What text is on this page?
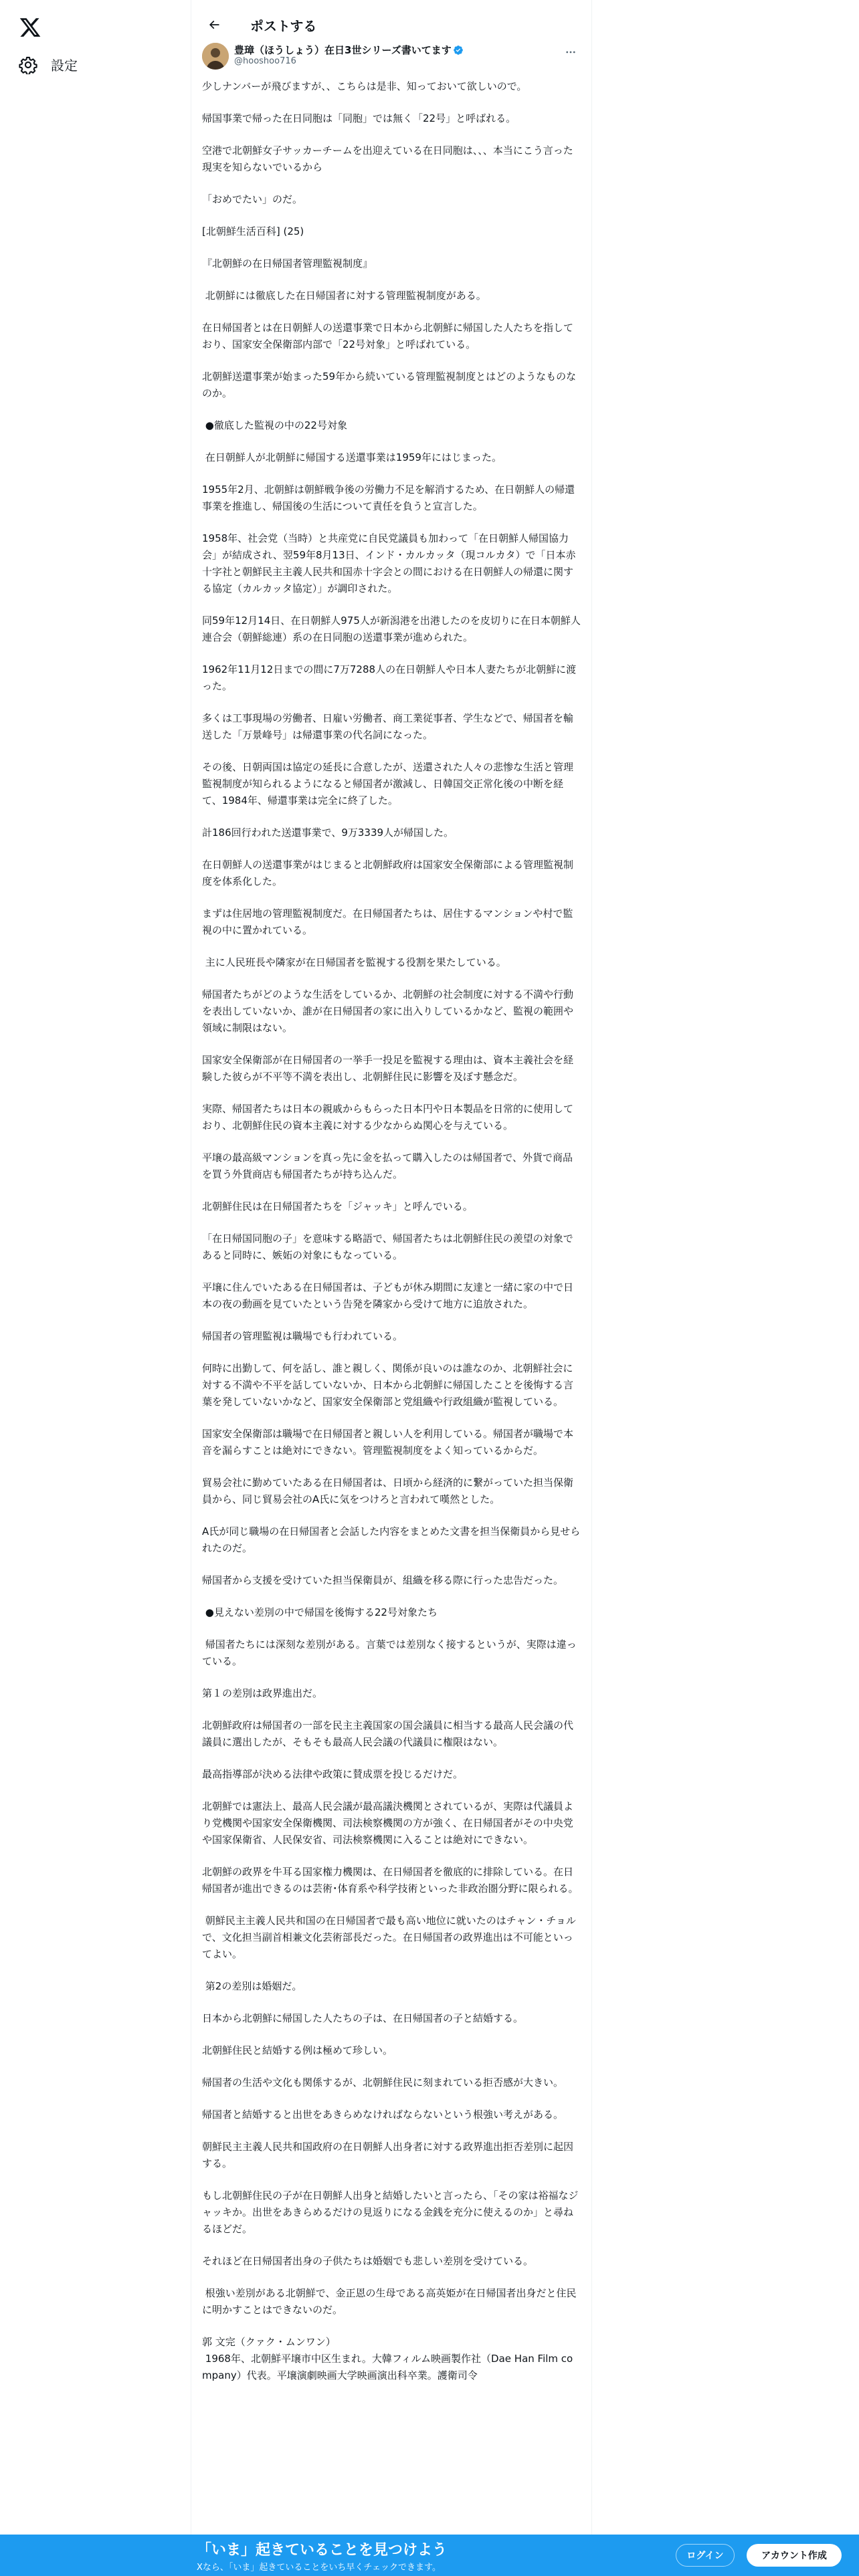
設定
ポストする
豊璋（ほうしょう）在日3世シリーズ書いてます
@hooshoo716
少しナンバーが飛びますが、、こちらは是非、知っておいて欲しいので。
帰国事業で帰った在日同胞は「同胞」では無く「22号」と呼ばれる。
空港で北朝鮮女子サッカーチームを出迎えている在日同胞は、、、本当にこう言った現実を知らないでいるから
「おめでたい」のだ。
[北朝鮮生活百科] (25)
『北朝鮮の在日帰国者管理監視制度』
北朝鮮には徹底した在日帰国者に対する管理監視制度がある。
在日帰国者とは在日朝鮮人の送還事業で日本から北朝鮮に帰国した人たちを指しており、国家安全保衛部内部で「22号対象」と呼ばれている。
北朝鮮送還事業が始まった59年から続いている管理監視制度とはどのようなものなのか。
●徹底した監視の中の22号対象
在日朝鮮人が北朝鮮に帰国する送還事業は1959年にはじまった。
1955年2月、北朝鮮は朝鮮戦争後の労働力不足を解消するため、在日朝鮮人の帰還事業を推進し、帰国後の生活について責任を負うと宣言した。
1958年、社会党（当時）と共産党に自民党議員も加わって「在日朝鮮人帰国協力会」が結成され、翌59年8月13日、インド・カルカッタ（現コルカタ）で「日本赤十字社と朝鮮民主主義人民共和国赤十字会との間における在日朝鮮人の帰還に関する協定（カルカッタ協定）」が調印された。
同59年12月14日、在日朝鮮人975人が新潟港を出港したのを皮切りに在日本朝鮮人連合会（朝鮮総連）系の在日同胞の送還事業が進められた。
1962年11月12日までの間に7万7288人の在日朝鮮人や日本人妻たちが北朝鮮に渡った。
多くは工事現場の労働者、日雇い労働者、商工業従事者、学生などで、帰国者を輸送した「万景峰号」は帰還事業の代名詞になった。
その後、日朝両国は協定の延長に合意したが、送還された人々の悲惨な生活と管理監視制度が知られるようになると帰国者が激減し、日韓国交正常化後の中断を経て、1984年、帰還事業は完全に終了した。
計186回行われた送還事業で、9万3339人が帰国した。
在日朝鮮人の送還事業がはじまると北朝鮮政府は国家安全保衛部による管理監視制度を体系化した。
まずは住居地の管理監視制度だ。在日帰国者たちは、居住するマンションや村で監視の中に置かれている。
主に人民班長や隣家が在日帰国者を監視する役割を果たしている。
帰国者たちがどのような生活をしているか、北朝鮮の社会制度に対する不満や行動を表出していないか、誰が在日帰国者の家に出入りしているかなど、監視の範囲や領域に制限はない。
国家安全保衛部が在日帰国者の一挙手一投足を監視する理由は、資本主義社会を経験した彼らが不平等不満を表出し、北朝鮮住民に影響を及ぼす懸念だ。
実際、帰国者たちは日本の親戚からもらった日本円や日本製品を日常的に使用しており、北朝鮮住民の資本主義に対する少なからぬ関心を与えている。
平壌の最高級マンションを真っ先に金を払って購入したのは帰国者で、外貨で商品を買う外貨商店も帰国者たちが持ち込んだ。
北朝鮮住民は在日帰国者たちを「ジャッキ」と呼んでいる。
「在日帰国同胞の子」を意味する略語で、帰国者たちは北朝鮮住民の羨望の対象であると同時に、嫉妬の対象にもなっている。
平壌に住んでいたある在日帰国者は、子どもが休み期間に友達と一緒に家の中で日本の夜の動画を見ていたという告発を隣家から受けて地方に追放された。
帰国者の管理監視は職場でも行われている。
何時に出勤して、何を話し、誰と親しく、関係が良いのは誰なのか、北朝鮮社会に対する不満や不平を話していないか、日本から北朝鮮に帰国したことを後悔する言葉を発していないかなど、国家安全保衛部と党組織や行政組織が監視している。
国家安全保衛部は職場で在日帰国者と親しい人を利用している。帰国者が職場で本音を漏らすことは絶対にできない。管理監視制度をよく知っているからだ。
貿易会社に勤めていたある在日帰国者は、日頃から経済的に繋がっていた担当保衛員から、同じ貿易会社のA氏に気をつけろと言われて嘆然とした。
A氏が同じ職場の在日帰国者と会話した内容をまとめた文書を担当保衛員から見せられたのだ。
帰国者から支援を受けていた担当保衛員が、組織を移る際に行った忠告だった。
●見えない差別の中で帰国を後悔する22号対象たち
帰国者たちには深刻な差別がある。言葉では差別なく接するというが、実際は違っている。
第１の差別は政界進出だ。
北朝鮮政府は帰国者の一部を民主主義国家の国会議員に相当する最高人民会議の代議員に選出したが、そもそも最高人民会議の代議員に権限はない。
最高指導部が決める法律や政策に賛成票を投じるだけだ。
北朝鮮では憲法上、最高人民会議が最高議決機関とされているが、実際は代議員より党機関や国家安全保衛機関、司法検察機関の方が強く、在日帰国者がその中央党や国家保衛省、人民保安省、司法検察機関に入ることは絶対にできない。
北朝鮮の政界を牛耳る国家権力機関は、在日帰国者を徹底的に排除している。在日帰国者が進出できるのは芸術･体育系や科学技術といった非政治圏分野に限られる。
朝鮮民主主義人民共和国の在日帰国者で最も高い地位に就いたのはチャン・チョルで、文化担当副首相兼文化芸術部長だった。在日帰国者の政界進出は不可能といってよい。
第2の差別は婚姻だ。
日本から北朝鮮に帰国した人たちの子は、在日帰国者の子と結婚する。
北朝鮮住民と結婚する例は極めて珍しい。
帰国者の生活や文化も関係するが、北朝鮮住民に刻まれている拒否感が大きい。
帰国者と結婚すると出世をあきらめなければならないという根強い考えがある。
朝鮮民主主義人民共和国政府の在日朝鮮人出身者に対する政界進出拒否差別に起因する。
もし北朝鮮住民の子が在日朝鮮人出身と結婚したいと言ったら、「その家は裕福なジャッキか。出世をあきらめるだけの見返りになる金銭を充分に使えるのか」と尋ねるほどだ。
それほど在日帰国者出身の子供たちは婚姻でも悲しい差別を受けている。
根強い差別がある北朝鮮で、金正恩の生母である高英姫が在日帰国者出身だと住民に明かすことはできないのだ。
郭 文完（クァク・ムンワン）
1968年、北朝鮮平壌市中区生まれ。大韓フィルム映画製作社（Dae Han Film company）代表。平壌演劇映画大学映画演出科卒業。護衛司令
「いま」起きていることを見つけよう
Xなら、「いま」起きていることをいち早くチェックできます。
ログイン	アカウント作成
